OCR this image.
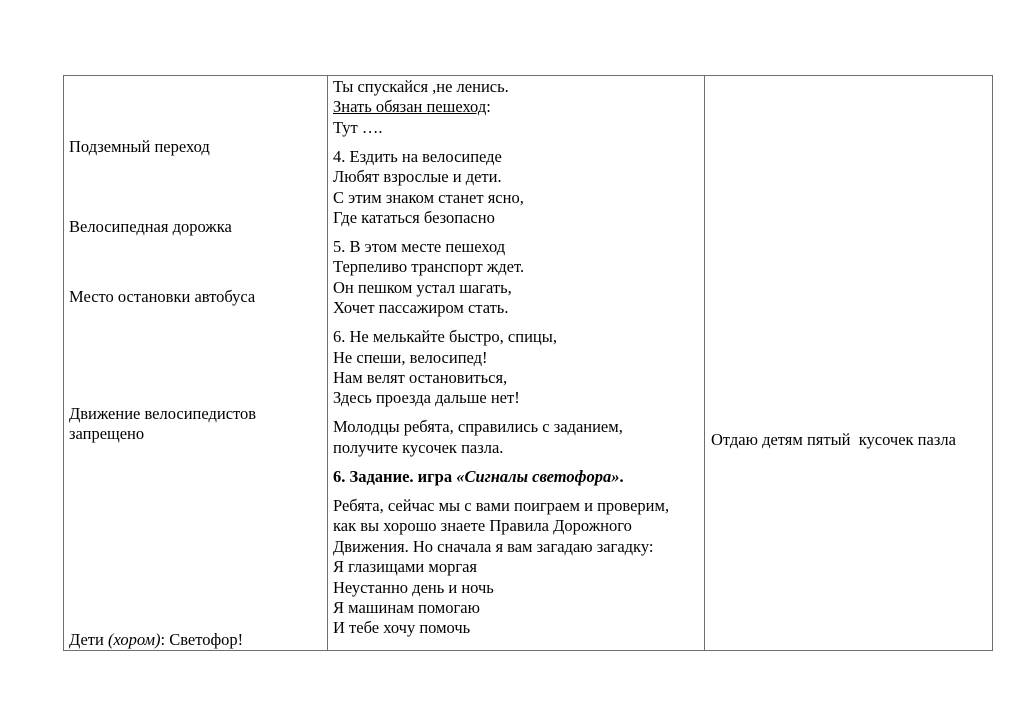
Подземный переход
Велосипедная дорожка
Место остановки автобуса
Движение велосипедистов
запрещено
Дети (хором): Светофор!
Ты спускайся ,не ленись.
Знать обязан пешеход:
Тут ….
4. Ездить на велосипеде
Любят взрослые и дети.
С этим знаком станет ясно,
Где кататься безопасно
5. В этом месте пешеход
Терпеливо транспорт ждет.
Он пешком устал шагать,
Хочет пассажиром стать.
6. Не мелькайте быстро, спицы,
Не спеши, велосипед!
Нам велят остановиться,
Здесь проезда дальше нет!
Молодцы ребята, справились с заданием,
получите кусочек пазла.
6. Задание. игра «Сигналы светофора».
Ребята, сейчас мы с вами поиграем и проверим,
как вы хорошо знаете Правила Дорожного
Движения. Но сначала я вам загадаю загадку:
Я глазищами моргая
Неустанно день и ночь
Я машинам помогаю
И тебе хочу помочь
Отдаю детям пятый  кусочек пазла
